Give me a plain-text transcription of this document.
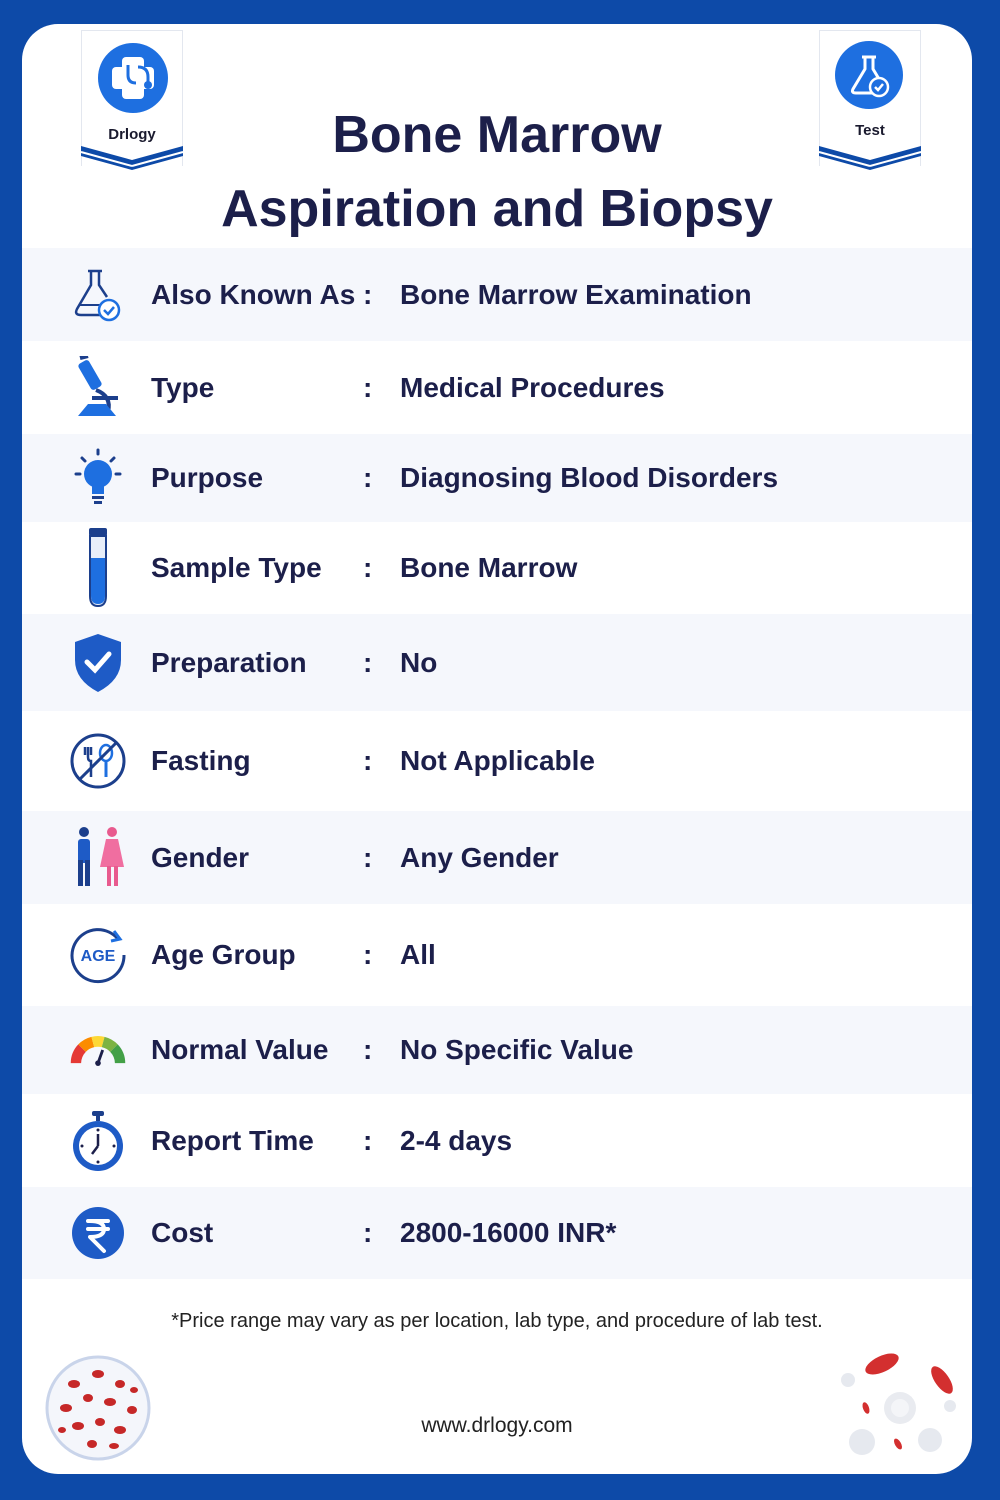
Drlogy	Test
Bone Marrow
Aspiration and Biopsy
Also Known As : Bone Marrow Examination
Type	: Medical Procedures
Purpose	: Diagnosing Blood Disorders
Sample Type : Bone Marrow
Preparation : No
Fasting	: Not Applicable
Gender	: Any Gender
AGE Age Group : All
Normal Value : No Specific Value
Report Time : 2-4 days
Cost	: 2800-16000 INR*
*Price range may vary as per location, lab type, and procedure of lab test.
www.drlogy.com
